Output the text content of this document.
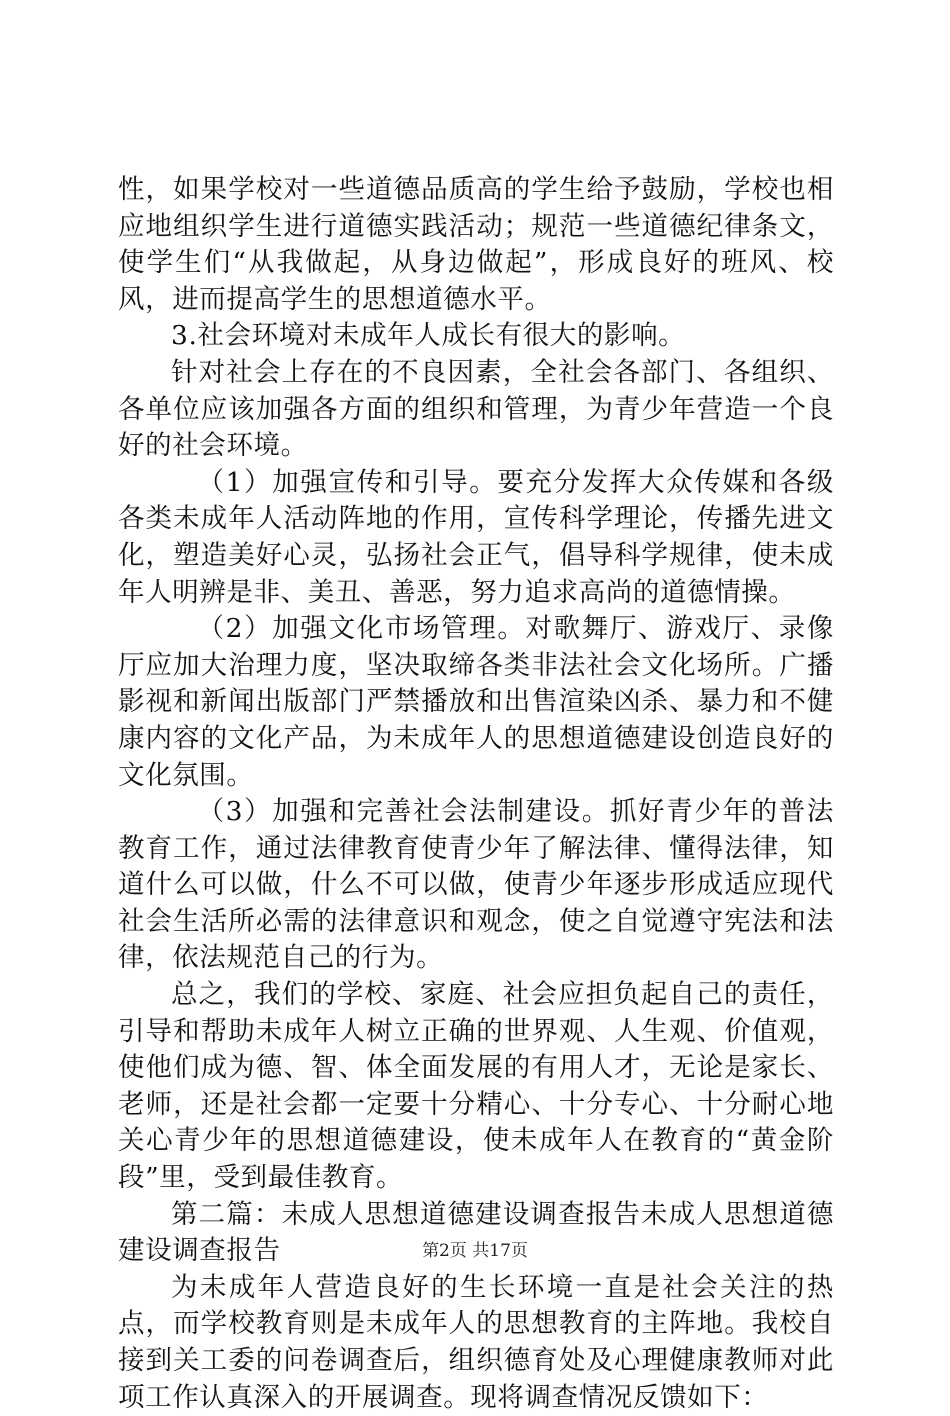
性，如果学校对一些道德品质高的学生给予鼓励，学校也相应地组织学生进行道德实践活动；规范一些道德纪律条文，使学生们“从我做起，从身边做起”，形成良好的班风、校风，进而提高学生的思想道德水平。

3.社会环境对未成年人成长有很大的影响。

针对社会上存在的不良因素，全社会各部门、各组织、各单位应该加强各方面的组织和管理，为青少年营造一个良好的社会环境。

（1）加强宣传和引导。要充分发挥大众传媒和各级各类未成年人活动阵地的作用，宣传科学理论，传播先进文化，塑造美好心灵，弘扬社会正气，倡导科学规律，使未成年人明辨是非、美丑、善恶，努力追求高尚的道德情操。

（2）加强文化市场管理。对歌舞厅、游戏厅、录像厅应加大治理力度，坚决取缔各类非法社会文化场所。广播影视和新闻出版部门严禁播放和出售渲染凶杀、暴力和不健康内容的文化产品，为未成年人的思想道德建设创造良好的文化氛围。

（3）加强和完善社会法制建设。抓好青少年的普法教育工作，通过法律教育使青少年了解法律、懂得法律，知道什么可以做，什么不可以做，使青少年逐步形成适应现代社会生活所必需的法律意识和观念，使之自觉遵守宪法和法律，依法规范自己的行为。

总之，我们的学校、家庭、社会应担负起自己的责任，引导和帮助未成年人树立正确的世界观、人生观、价值观，使他们成为德、智、体全面发展的有用人才，无论是家长、老师，还是社会都一定要十分精心、十分专心、十分耐心地关心青少年的思想道德建设，使未成年人在教育的“黄金阶段”里，受到最佳教育。

第二篇：未成人思想道德建设调查报告未成人思想道德建设调查报告

为未成年人营造良好的生长环境一直是社会关注的热点，而学校教育则是未成年人的思想教育的主阵地。我校自接到关工委的问卷调查后，组织德育处及心理健康教师对此项工作认真深入的开展调查。现将调查情况反馈如下：

第2页 共17页
